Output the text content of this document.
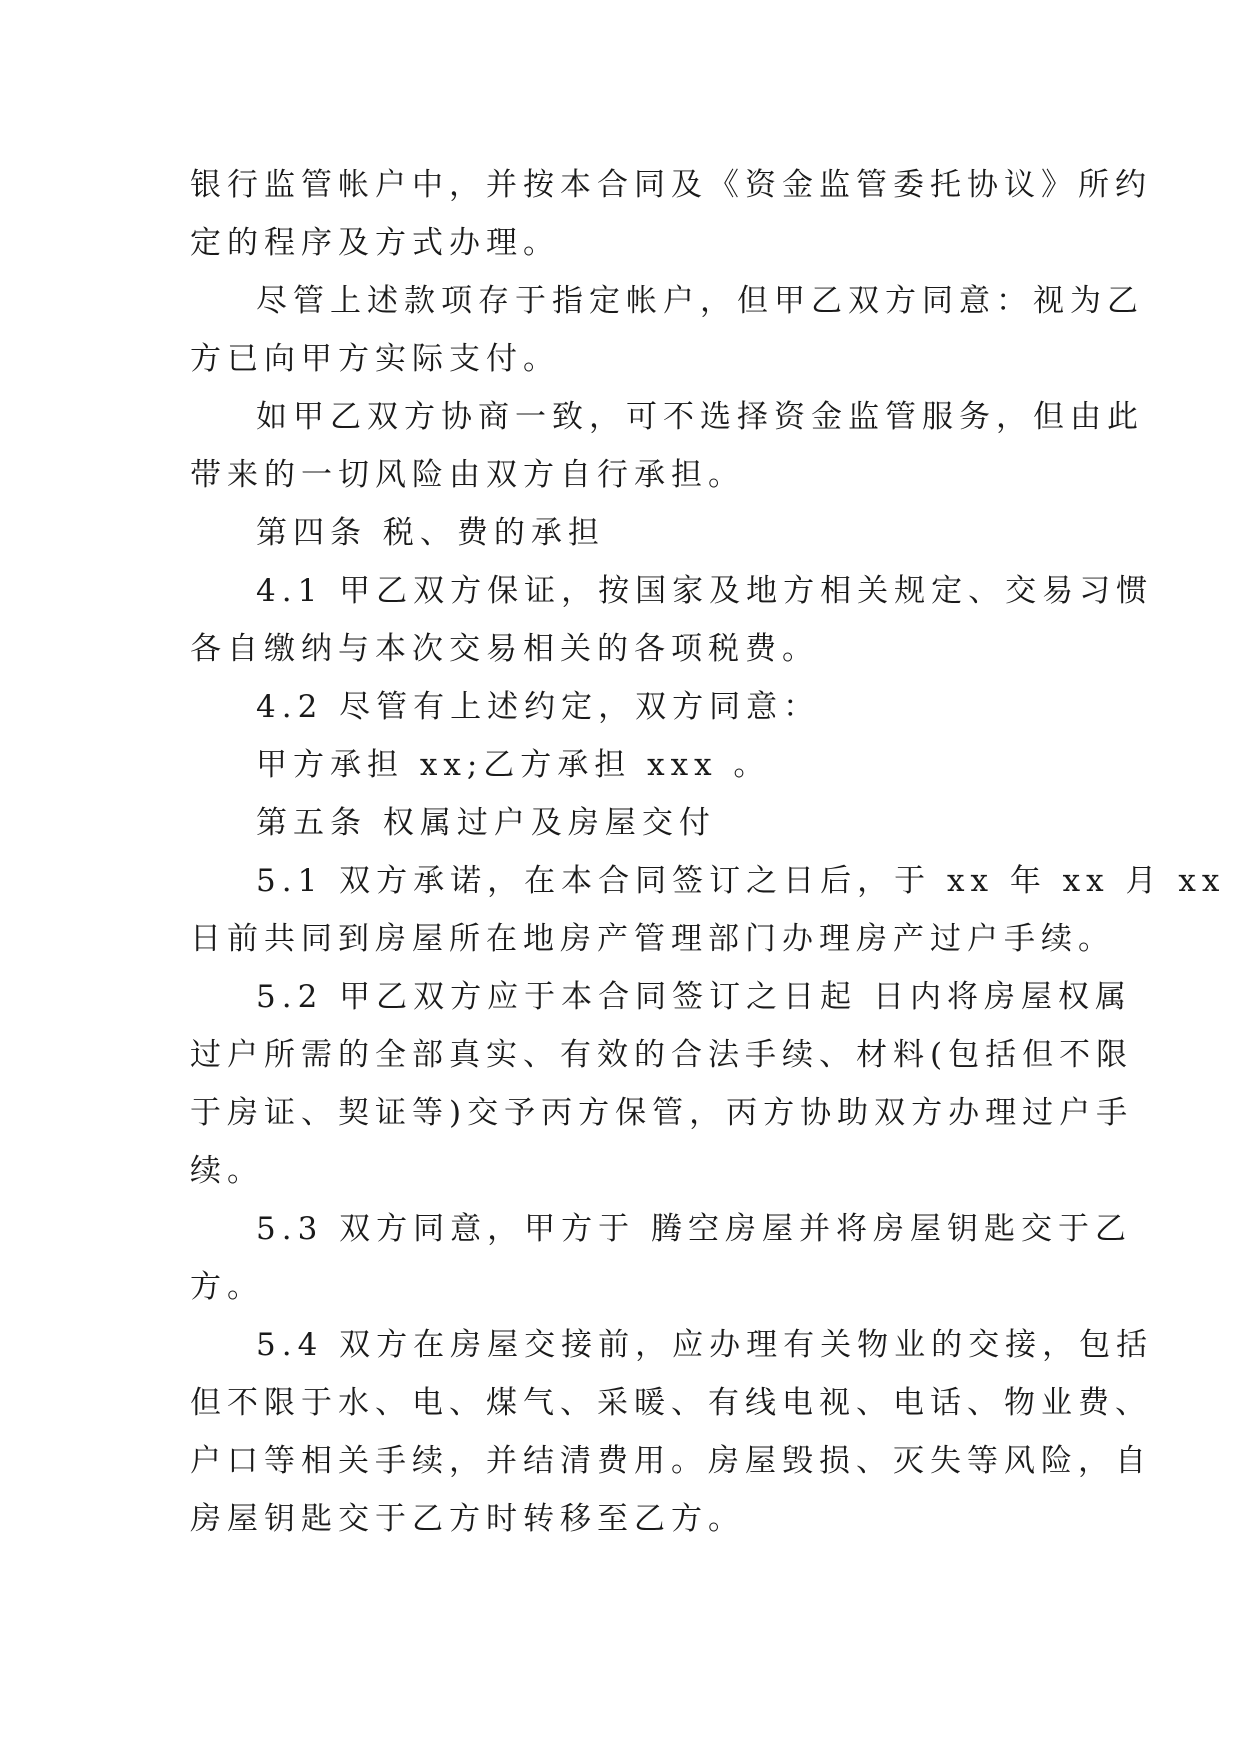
银行监管帐户中，并按本合同及《资金监管委托协议》所约
定的程序及方式办理。
尽管上述款项存于指定帐户，但甲乙双方同意：视为乙
方已向甲方实际支付。
如甲乙双方协商一致，可不选择资金监管服务，但由此
带来的一切风险由双方自行承担。
第四条 税、费的承担
4.1 甲乙双方保证，按国家及地方相关规定、交易习惯
各自缴纳与本次交易相关的各项税费。
4.2 尽管有上述约定，双方同意：
甲方承担 xx;乙方承担 xxx 。
第五条 权属过户及房屋交付
5.1 双方承诺，在本合同签订之日后，于 xx 年 xx 月 xx
日前共同到房屋所在地房产管理部门办理房产过户手续。
5.2 甲乙双方应于本合同签订之日起 日内将房屋权属
过户所需的全部真实、有效的合法手续、材料(包括但不限
于房证、契证等)交予丙方保管，丙方协助双方办理过户手
续。
5.3 双方同意，甲方于 腾空房屋并将房屋钥匙交于乙
方。
5.4 双方在房屋交接前，应办理有关物业的交接，包括
但不限于水、电、煤气、采暖、有线电视、电话、物业费、
户口等相关手续，并结清费用。房屋毁损、灭失等风险，自
房屋钥匙交于乙方时转移至乙方。
